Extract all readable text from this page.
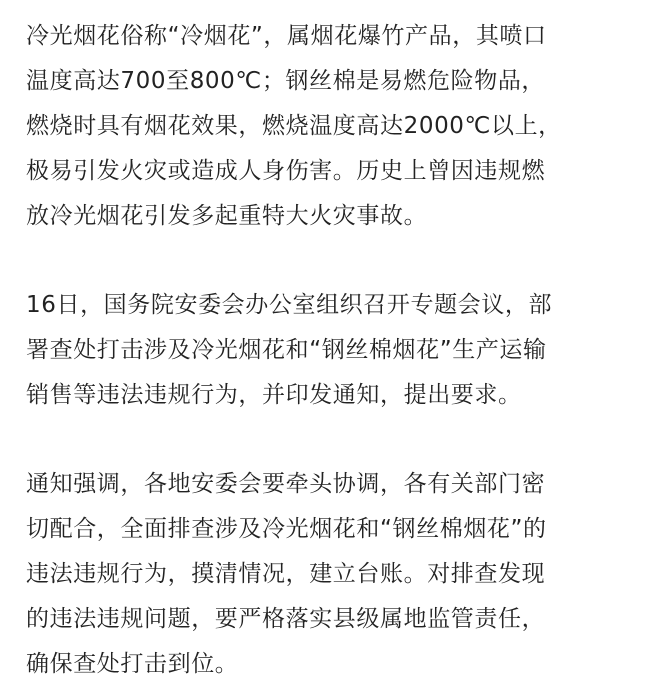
冷光烟花俗称“冷烟花”，属烟花爆竹产品，其喷口
温度高达700至800℃；钢丝棉是易燃危险物品，
燃烧时具有烟花效果，燃烧温度高达2000℃以上，
极易引发火灾或造成人身伤害。历史上曾因违规燃
放冷光烟花引发多起重特大火灾事故。

16日，国务院安委会办公室组织召开专题会议，部
署查处打击涉及冷光烟花和“钢丝棉烟花”生产运输
销售等违法违规行为，并印发通知，提出要求。

通知强调，各地安委会要牵头协调，各有关部门密
切配合，全面排查涉及冷光烟花和“钢丝棉烟花”的
违法违规行为，摸清情况，建立台账。对排查发现
的违法违规问题，要严格落实县级属地监管责任，
确保查处打击到位。
